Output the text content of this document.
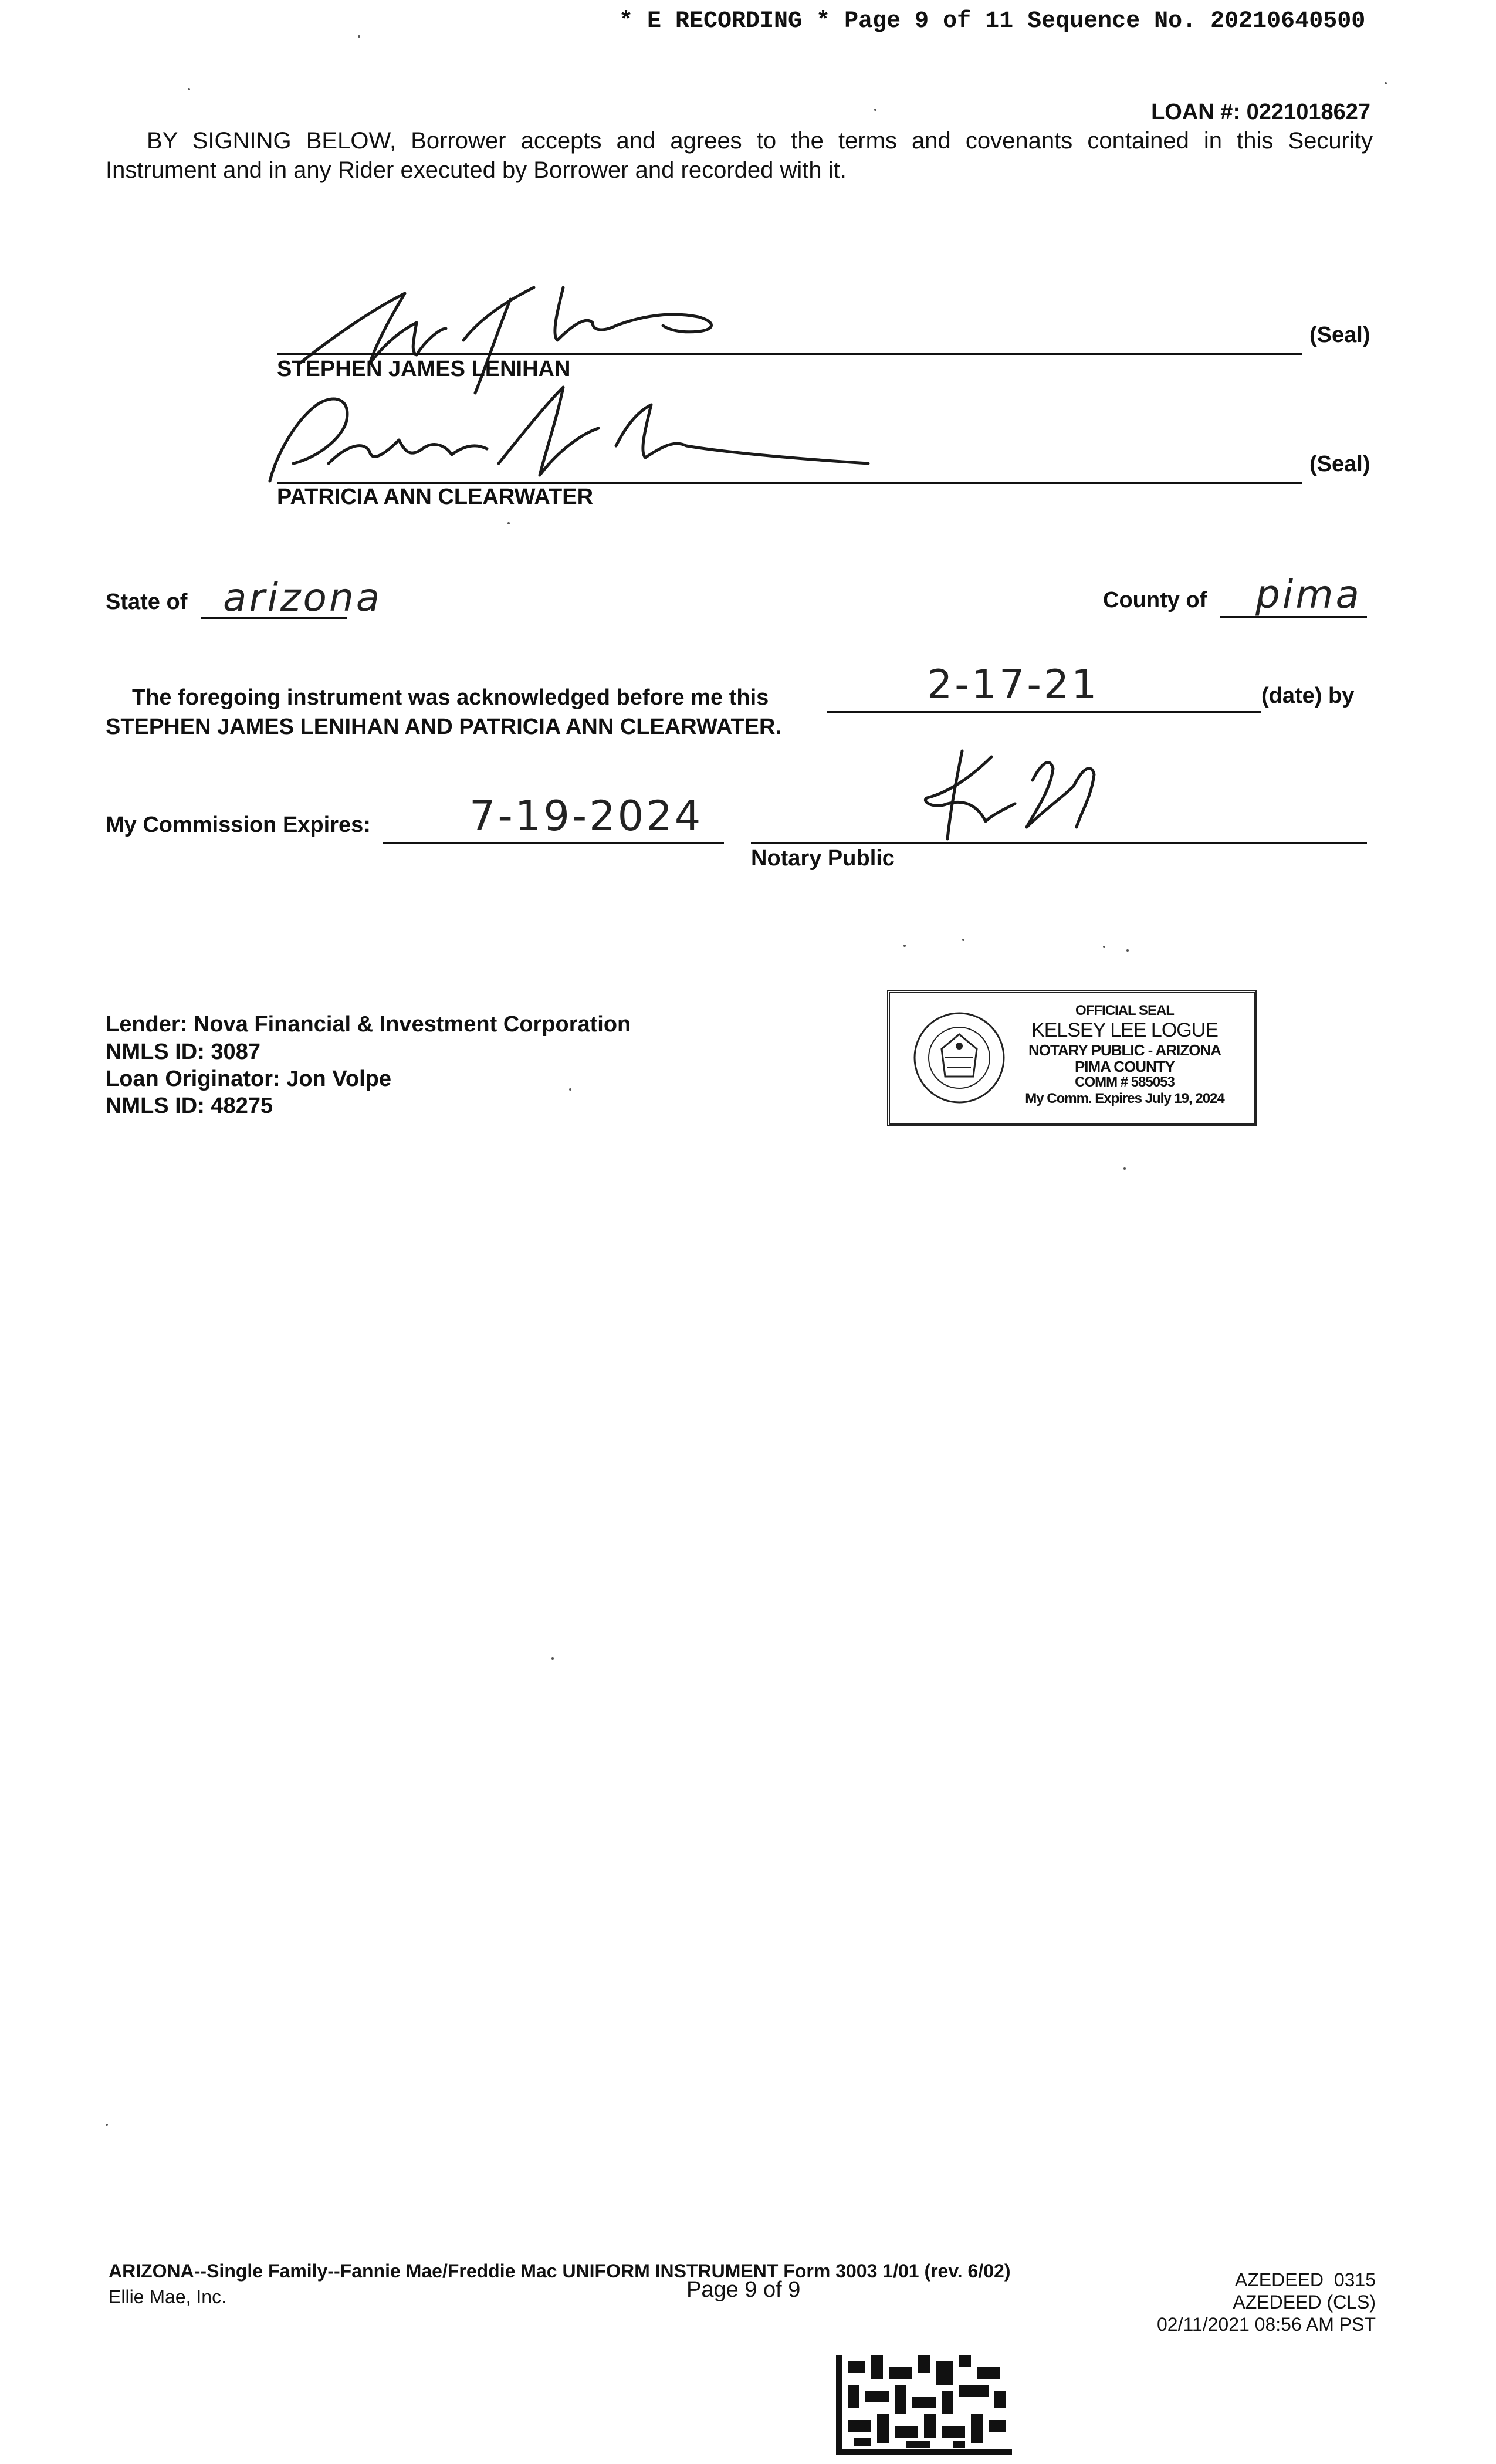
* E RECORDING * Page 9 of 11 Sequence No. 20210640500
LOAN #: 0221018627
BY SIGNING BELOW, Borrower accepts and agrees to the terms and covenants contained in this Security
Instrument and in any Rider executed by Borrower and recorded with it.
(Seal)
STEPHEN JAMES LENIHAN
(Seal)
PATRICIA ANN CLEARWATER
State of arizona	County of pima
The foregoing instrument was acknowledged before me this	2-17-21	(date) by
STEPHEN JAMES LENIHAN AND PATRICIA ANN CLEARWATER.
My Commission Expires: 7-19-2024
Notary Public
Lender: Nova Financial & Investment Corporation
NMLS ID: 3087
Loan Originator: Jon Volpe
NMLS ID: 48275
OFFICIAL SEAL
KELSEY LEE LOGUE
NOTARY PUBLIC - ARIZONA
PIMA COUNTY
COMM # 585053
My Comm. Expires July 19, 2024
ARIZONA--Single Family--Fannie Mae/Freddie Mac UNIFORM INSTRUMENT Form 3003 1/01 (rev. 6/02)
Ellie Mae, Inc.	Page 9 of 9	AZEDEED  0315
AZEDEED (CLS)
02/11/2021 08:56 AM PST
